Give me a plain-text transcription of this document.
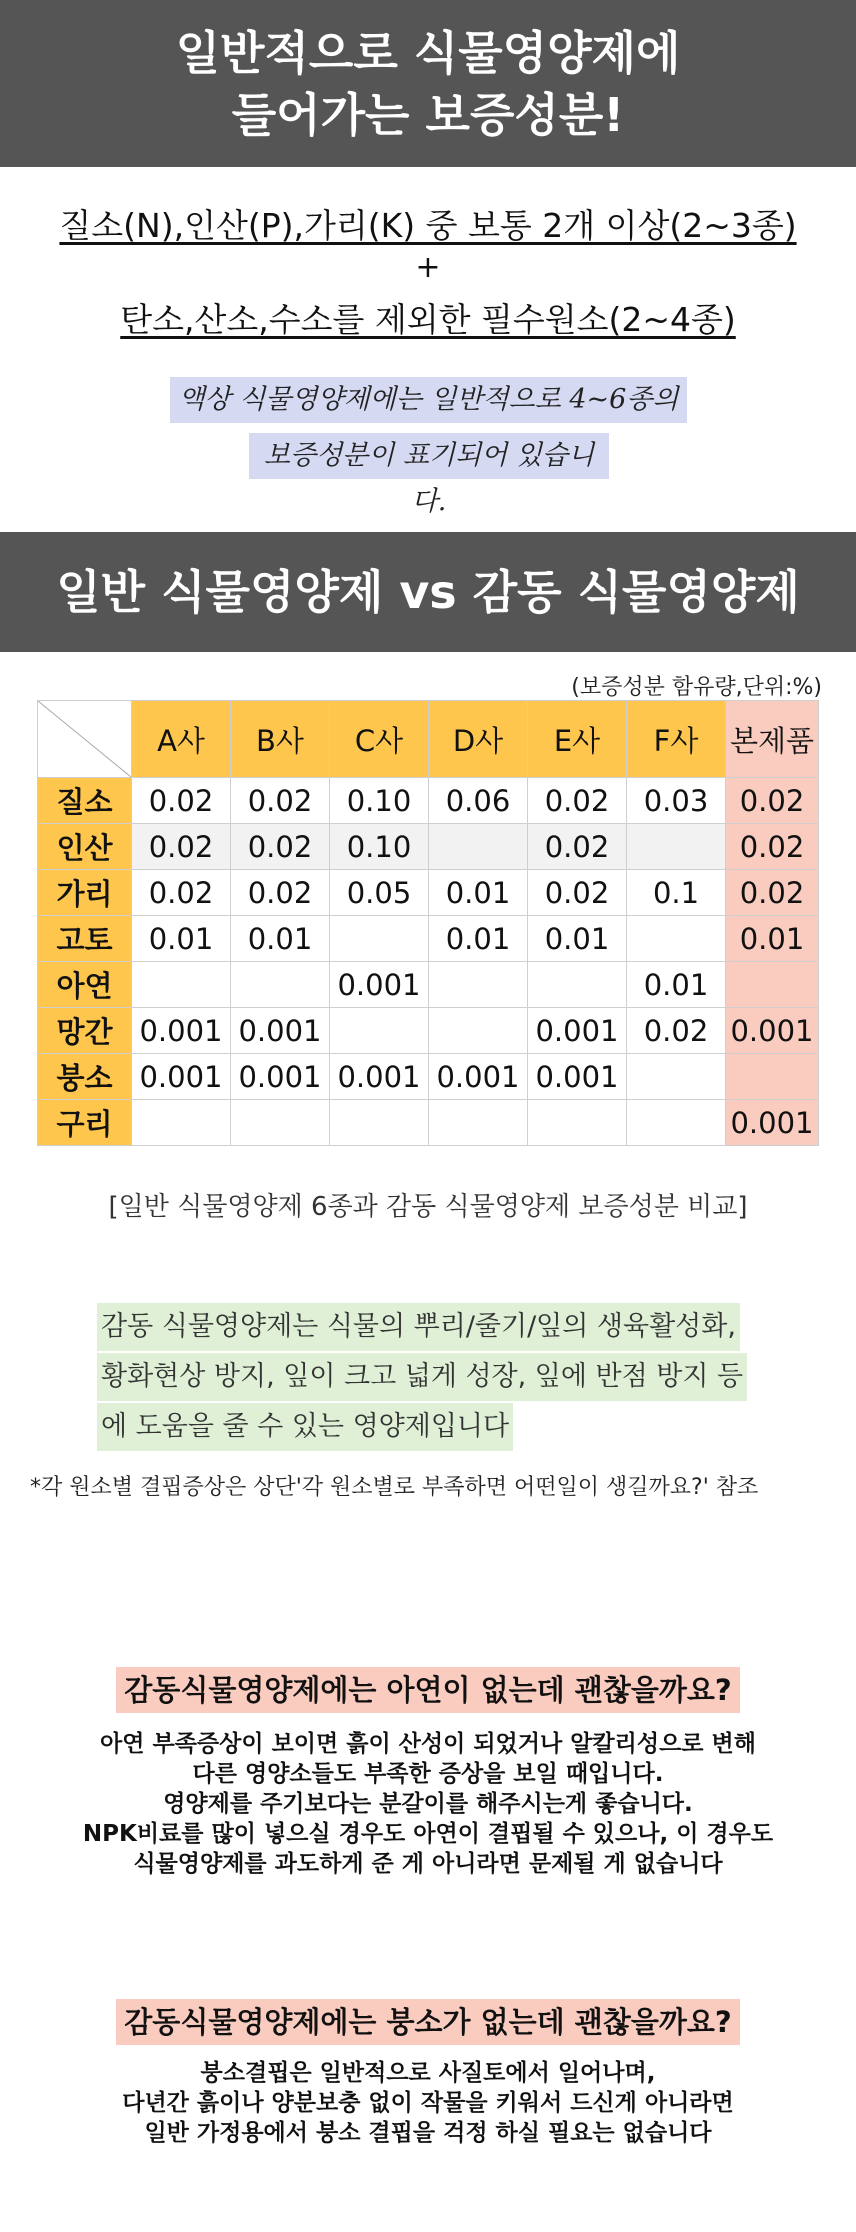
일반적으로 식물영양제에
들어가는 보증성분!
질소(N),인산(P),가리(K) 중 보통 2개 이상(2~3종)
+
탄소,산소,수소를 제외한 필수원소(2~4종)
액상 식물영양제에는 일반적으로 4~6종의
보증성분이 표기되어 있습니다.
일반 식물영양제 vs 감동 식물영양제
(보증성분 함유량,단위:%)
	A사	B사	C사	D사	E사	F사	본제품
질소	0.02	0.02	0.10	0.06	0.02	0.03	0.02
인산	0.02	0.02	0.10		0.02		0.02
가리	0.02	0.02	0.05	0.01	0.02	0.1	0.02
고토	0.01	0.01		0.01	0.01		0.01
아연			0.001			0.01	
망간	0.001	0.001			0.001	0.02	0.001
붕소	0.001	0.001	0.001	0.001	0.001		
구리							0.001
[일반 식물영양제 6종과 감동 식물영양제 보증성분 비교]
감동 식물영양제는 식물의 뿌리/줄기/잎의 생육활성화,
황화현상 방지, 잎이 크고 넓게 성장, 잎에 반점 방지 등
에 도움을 줄 수 있는 영양제입니다
*각 원소별 결핍증상은 상단'각 원소별로 부족하면 어떤일이 생길까요?' 참조
감동식물영양제에는 아연이 없는데 괜찮을까요?
아연 부족증상이 보이면 흙이 산성이 되었거나 알칼리성으로 변해
다른 영양소들도 부족한 증상을 보일 때입니다.
영양제를 주기보다는 분갈이를 해주시는게 좋습니다.
NPK비료를 많이 넣으실 경우도 아연이 결핍될 수 있으나, 이 경우도
식물영양제를 과도하게 준 게 아니라면 문제될 게 없습니다
감동식물영양제에는 붕소가 없는데 괜찮을까요?
붕소결핍은 일반적으로 사질토에서 일어나며,
다년간 흙이나 양분보충 없이 작물을 키워서 드신게 아니라면
일반 가정용에서 붕소 결핍을 걱정 하실 필요는 없습니다
